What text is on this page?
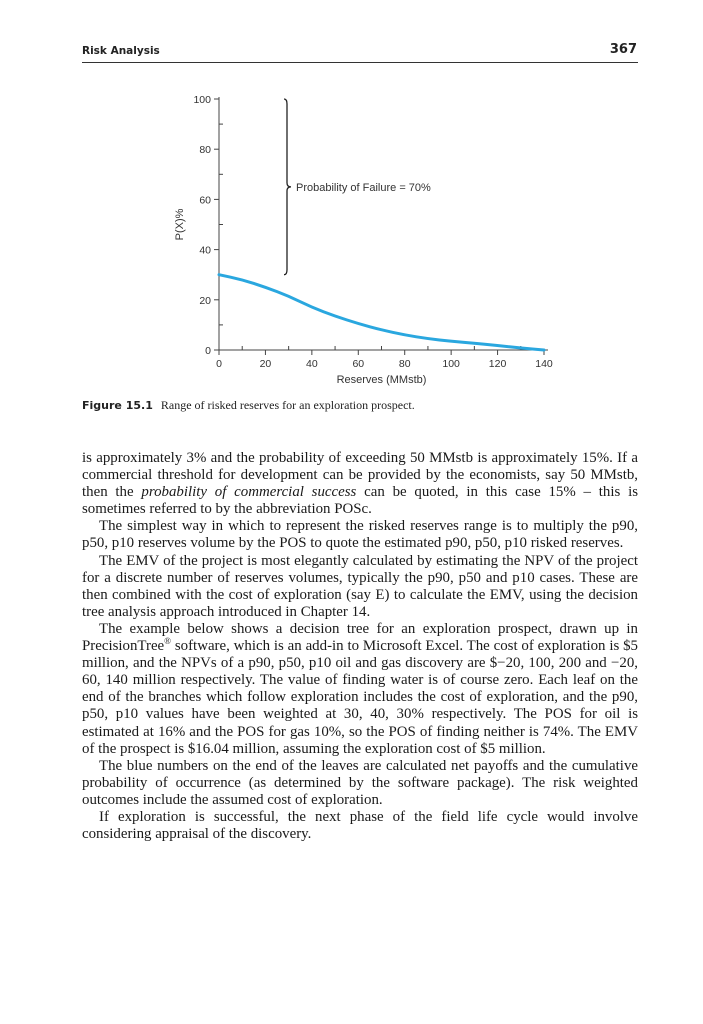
Risk Analysis	367
0	20	40	60	80	100	120	140
0
20
40
60
80
100
Reserves (MMstb)
P(X)%
Probability of Failure = 70%
Figure 15.1 Range of risked reserves for an exploration prospect.

is approximately 3% and the probability of exceeding 50 MMstb is approximately 15%. If a commercial threshold for development can be provided by the economists, say 50 MMstb, then the probability of commercial success can be quoted, in this case 15% – this is sometimes referred to by the abbreviation POSc.

The simplest way in which to represent the risked reserves range is to multiply the p90, p50, p10 reserves volume by the POS to quote the estimated p90, p50, p10 risked reserves.

The EMV of the project is most elegantly calculated by estimating the NPV of the project for a discrete number of reserves volumes, typically the p90, p50 and p10 cases. These are then combined with the cost of exploration (say E) to calculate the EMV, using the decision tree analysis approach introduced in Chapter 14.

The example below shows a decision tree for an exploration prospect, drawn up in PrecisionTree® software, which is an add-in to Microsoft Excel. The cost of exploration is $5 million, and the NPVs of a p90, p50, p10 oil and gas discovery are $−20, 100, 200 and −20, 60, 140 million respectively. The value of finding water is of course zero. Each leaf on the end of the branches which follow exploration includes the cost of exploration, and the p90, p50, p10 values have been weighted at 30, 40, 30% respectively. The POS for oil is estimated at 16% and the POS for gas 10%, so the POS of finding neither is 74%. The EMV of the prospect is $16.04 million, assuming the exploration cost of $5 million.

The blue numbers on the end of the leaves are calculated net payoffs and the cumulative probability of occurrence (as determined by the software package). The risk weighted outcomes include the assumed cost of exploration.

If exploration is successful, the next phase of the field life cycle would involve considering appraisal of the discovery.
